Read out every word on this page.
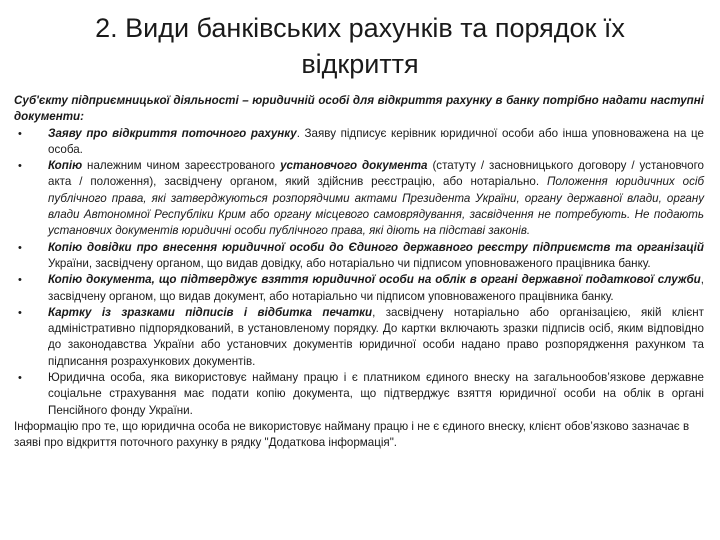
2. Види банківських рахунків та порядок їх відкриття

Суб'єкту підприємницької діяльності – юридичній особі для відкриття рахунку в банку потрібно надати наступні документи:

• Заяву про відкриття поточного рахунку. Заяву підписує керівник юридичної особи або інша уповноважена на це особа.
• Копію належним чином зареєстрованого установчого документа (статуту / засновницького договору / установчого акта / положення), засвідчену органом, який здійснив реєстрацію, або нотаріально. Положення юридичних осіб публічного права, які затверджуються розпорядчими актами Президента України, органу державної влади, органу влади Автономної Республіки Крим або органу місцевого самоврядування, засвідчення не потребують. Не подають установчих документів юридичні особи публічного права, які діють на підставі законів.
• Копію довідки про внесення юридичної особи до Єдиного державного реєстру підприємств та організацій України, засвідчену органом, що видав довідку, або нотаріально чи підписом уповноваженого працівника банку.
• Копію документа, що підтверджує взяття юридичної особи на облік в органі державної податкової служби, засвідчену органом, що видав документ, або нотаріально чи підписом уповноваженого працівника банку.
• Картку із зразками підписів і відбитка печатки, засвідчену нотаріально або організацією, якій клієнт адміністративно підпорядкований, в установленому порядку. До картки включають зразки підписів осіб, яким відповідно до законодавства України або установчих документів юридичної особи надано право розпорядження рахунком та підписання розрахункових документів.
• Юридична особа, яка використовує найману працю і є платником єдиного внеску на загальнообов’язкове державне соціальне страхування має подати копію документа, що підтверджує взяття юридичної особи на облік в органі Пенсійного фонду України.

Інформацію про те, що юридична особа не використовує найману працю і не є єдиного внеску, клієнт обов’язково зазначає в заяві про відкриття поточного рахунку в рядку "Додаткова інформація".
